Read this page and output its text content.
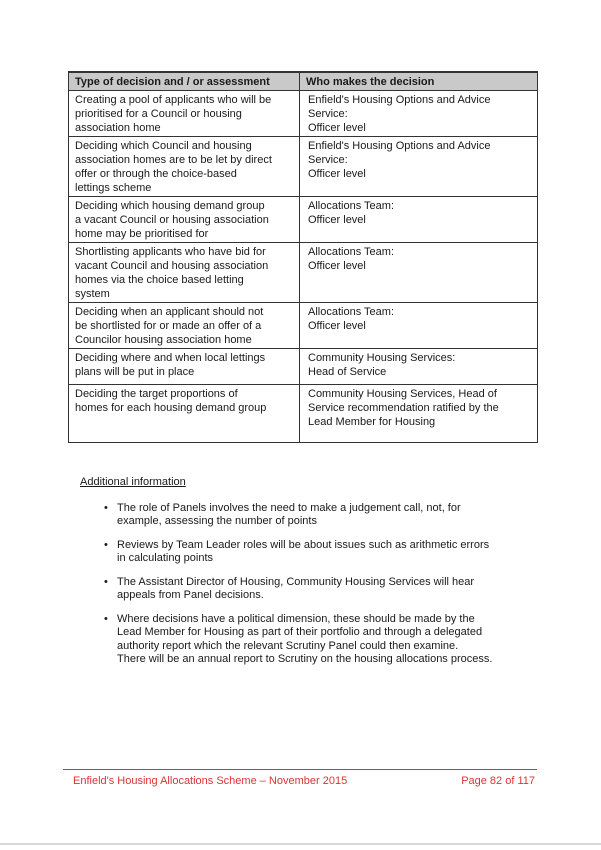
Type of decision and / or assessment	Who makes the decision
Creating a pool of applicants who will be
prioritised for a Council or housing
association home	Enfield's Housing Options and Advice
Service:
Officer level
Deciding which Council and housing
association homes are to be let by direct
offer or through the choice-based
lettings scheme	Enfield's Housing Options and Advice
Service:
Officer level
Deciding which housing demand group
a vacant Council or housing association
home may be prioritised for	Allocations Team:
Officer level
Shortlisting applicants who have bid for
vacant Council and housing association
homes via the choice based letting
system	Allocations Team:
Officer level
Deciding when an applicant should not
be shortlisted for or made an offer of a
Councilor housing association home	Allocations Team:
Officer level
Deciding where and when local lettings
plans will be put in place	Community Housing Services:
Head of Service
Deciding the target proportions of
homes for each housing demand group	Community Housing Services, Head of
Service recommendation ratified by the
Lead Member for Housing
Additional information
• The role of Panels involves the need to make a judgement call, not, for
example, assessing the number of points
• Reviews by Team Leader roles will be about issues such as arithmetic errors
in calculating points
• The Assistant Director of Housing, Community Housing Services will hear
appeals from Panel decisions.
• Where decisions have a political dimension, these should be made by the
Lead Member for Housing as part of their portfolio and through a delegated
authority report which the relevant Scrutiny Panel could then examine.
There will be an annual report to Scrutiny on the housing allocations process.
Enfield's Housing Allocations Scheme – November 2015	Page 82 of 117
